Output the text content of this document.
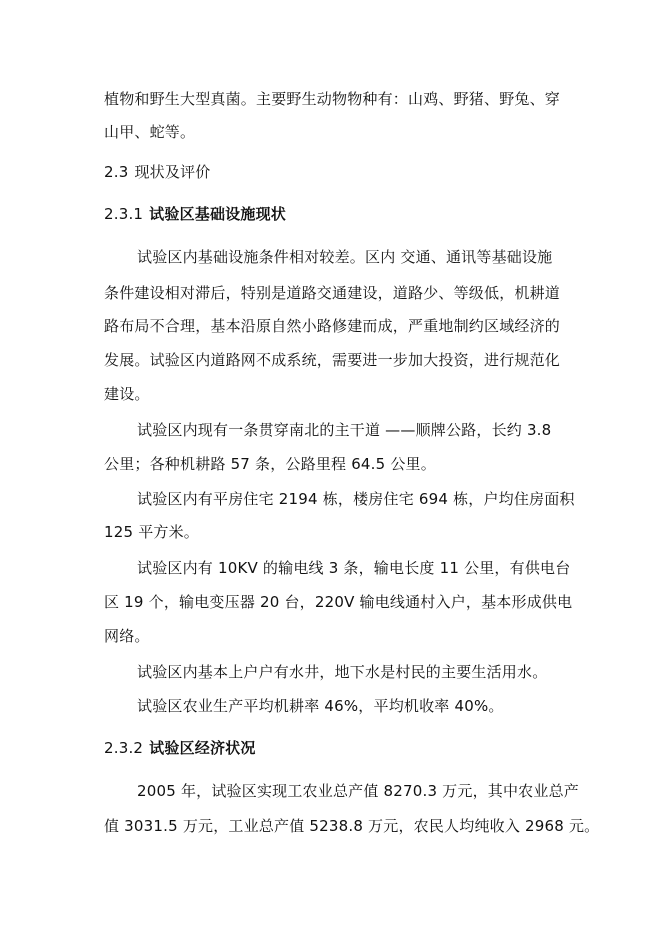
植物和野生大型真菌。主要野生动物物种有：山鸡、野猪、野兔、穿
山甲、蛇等。
2.3 现状及评价
2.3.1 试验区基础设施现状
试验区内基础设施条件相对较差。区内 交通、通讯等基础设施
条件建设相对滞后，特别是道路交通建设，道路少、等级低，机耕道
路布局不合理，基本沿原自然小路修建而成，严重地制约区域经济的
发展。试验区内道路网不成系统，需要进一步加大投资，进行规范化
建设。
试验区内现有一条贯穿南北的主干道 ——顺牌公路，长约 3.8
公里；各种机耕路 57 条，公路里程 64.5 公里。
试验区内有平房住宅 2194 栋，楼房住宅 694 栋，户均住房面积
125 平方米。
试验区内有 10KV 的输电线 3 条，输电长度 11 公里，有供电台
区 19 个，输电变压器 20 台，220V 输电线通村入户，基本形成供电
网络。
试验区内基本上户户有水井，地下水是村民的主要生活用水。
试验区农业生产平均机耕率 46%，平均机收率 40%。
2.3.2 试验区经济状况
2005 年，试验区实现工农业总产值 8270.3 万元，其中农业总产
值 3031.5 万元，工业总产值 5238.8 万元，农民人均纯收入 2968 元。
